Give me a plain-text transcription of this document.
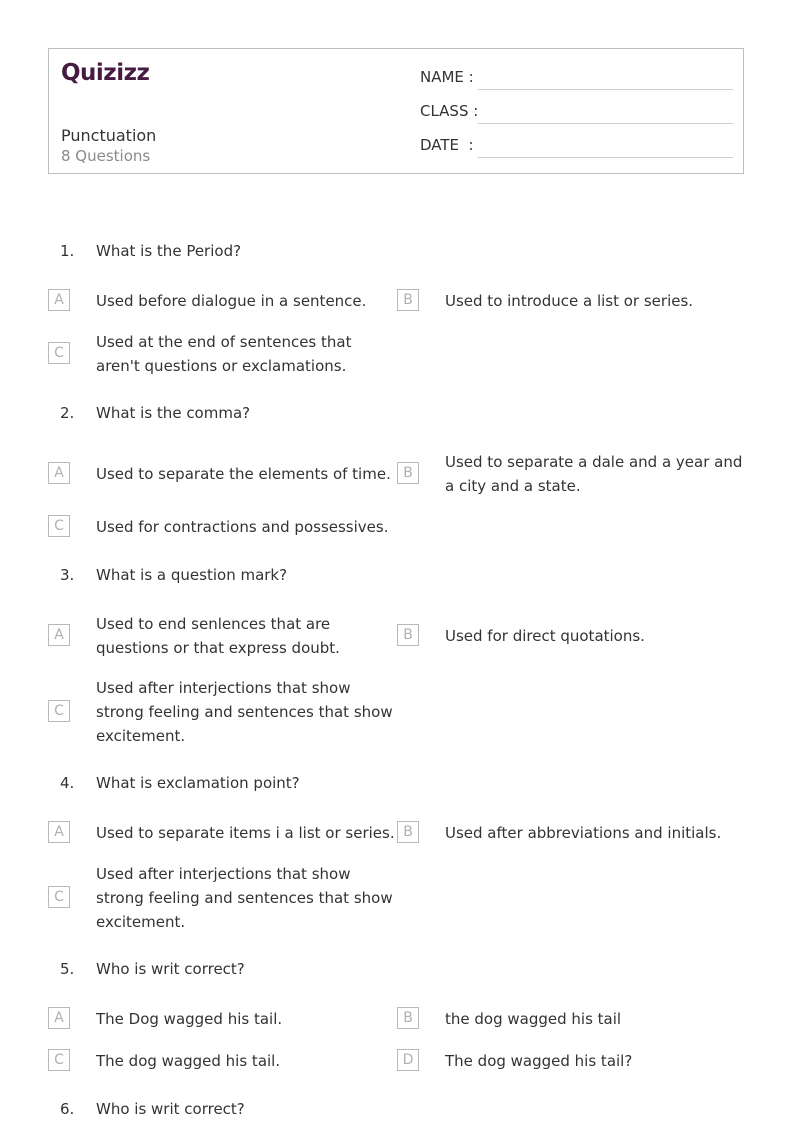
Quizizz
Punctuation
8 Questions
NAME :
CLASS :
DATE  :
1. What is the Period?
A	Used before dialogue in a sentence.	B	Used to introduce a list or series.
C
Used at the end of sentences that aren't questions or exclamations.
2. What is the comma?
A	Used to separate the elements of time. B
Used to separate a dale and a year and a city and a state.
C	Used for contractions and possessives.
3. What is a question mark?
A
Used to end senlences that are questions or that express doubt.
B	Used for direct quotations.
C
Used after interjections that show strong feeling and sentences that show excitement.
4. What is exclamation point?
A	Used to separate items i a list or series. B	Used after abbreviations and initials.
C
Used after interjections that show strong feeling and sentences that show excitement.
5. Who is writ correct?
A	The Dog wagged his tail.	B	the dog wagged his tail
C	The dog wagged his tail.	D	The dog wagged his tail?
6. Who is writ correct?
